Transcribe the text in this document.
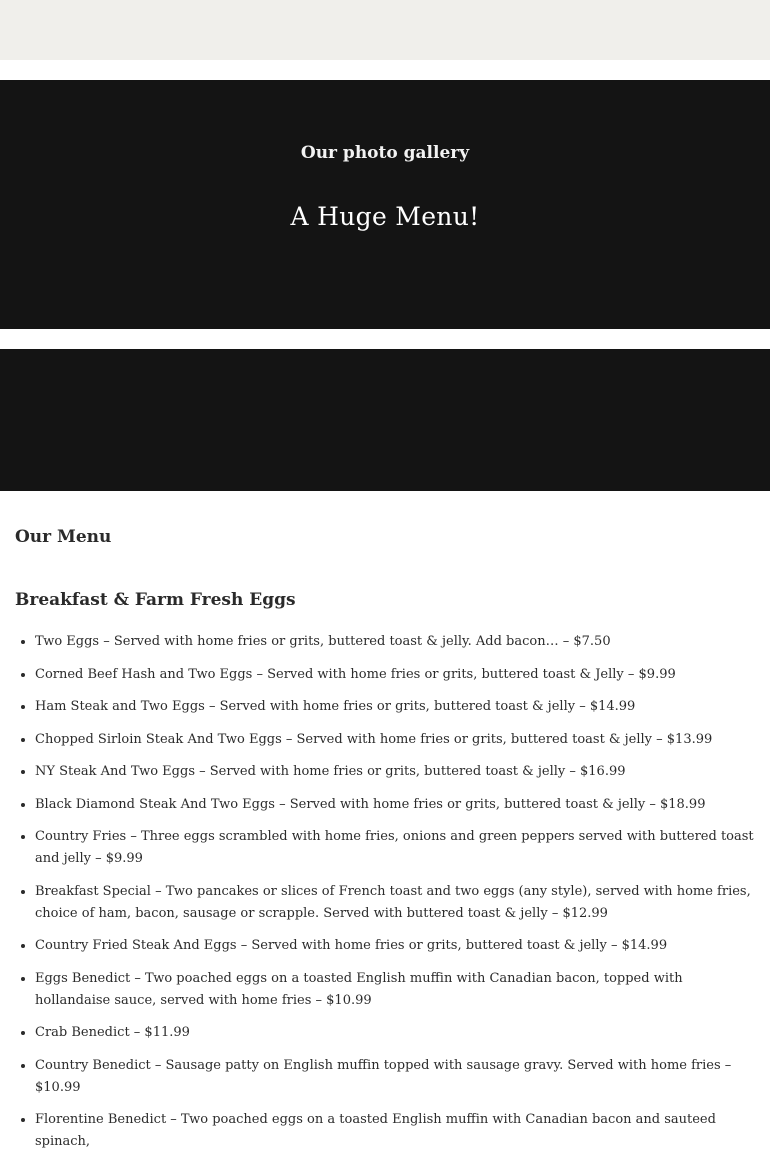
Our photo gallery
A Huge Menu!
Our Menu
Breakfast & Farm Fresh Eggs
• Two Eggs – Served with home fries or grits, buttered toast & jelly. Add bacon… – $7.50
• Corned Beef Hash and Two Eggs – Served with home fries or grits, buttered toast & Jelly – $9.99
• Ham Steak and Two Eggs – Served with home fries or grits, buttered toast & jelly – $14.99
• Chopped Sirloin Steak And Two Eggs – Served with home fries or grits, buttered toast & jelly – $13.99
• NY Steak And Two Eggs – Served with home fries or grits, buttered toast & jelly – $16.99
• Black Diamond Steak And Two Eggs – Served with home fries or grits, buttered toast & jelly – $18.99
• Country Fries – Three eggs scrambled with home fries, onions and green peppers served with buttered toast and jelly – $9.99
• Breakfast Special – Two pancakes or slices of French toast and two eggs (any style), served with home fries, choice of ham, bacon, sausage or scrapple. Served with buttered toast & jelly – $12.99
• Country Fried Steak And Eggs – Served with home fries or grits, buttered toast & jelly – $14.99
• Eggs Benedict – Two poached eggs on a toasted English muffin with Canadian bacon, topped with hollandaise sauce, served with home fries – $10.99
• Crab Benedict – $11.99
• Country Benedict – Sausage patty on English muffin topped with sausage gravy. Served with home fries – $10.99
• Florentine Benedict – Two poached eggs on a toasted English muffin with Canadian bacon and sauteed spinach,
